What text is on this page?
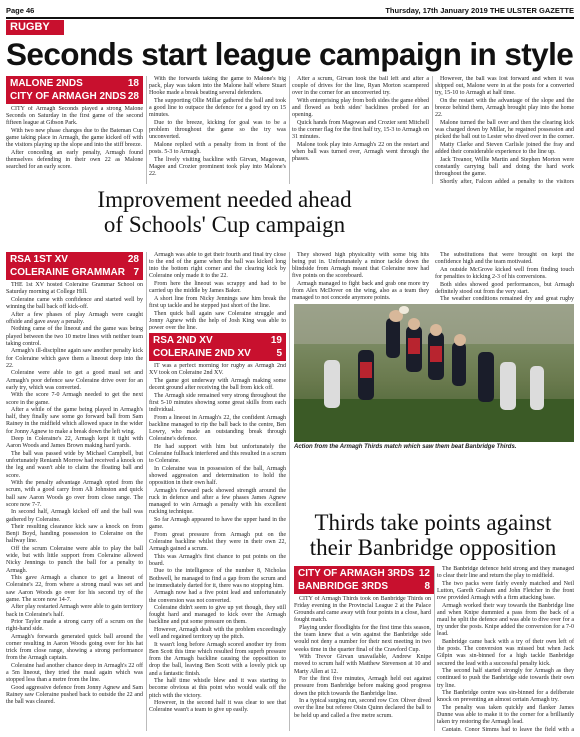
Page 46	Thursday, 17th January 2019 THE ULSTER GAZETTE
RUGBY
Seconds start league campaign in style
MALONE 2NDS	18
CITY OF ARMAGH 2NDS 28

CITY of Armagh Seconds played a strong Malone Seconds on Saturday in the first game of the second fifteen league at Gibson Park.

With two new phase changes due to the Bateman Cup game taking place in Armagh, the game kicked off with the visitors playing up the slope and into the stiff breeze.

After conceding an early penalty, Armagh found themselves defending in their own 22 as Malone searched for an early score.

With the forwards taking the game to Malone's big pack, play was taken into the Malone half where Stuart Hooke made a break beating several defenders.

The supporting Ollie Millar gathered the ball and took a good line to outpace the defence for a good try on 15 minutes.

Due to the breeze, kicking for goal was to be a problem throughout the game so the try was unconverted.

Malone replied with a penalty from in front of the posts. 5-3 to Armagh.

The lively visiting backline with Girvan, Magowan, Magee and Crozier prominent took play into Malone's 22.

After a scrum, Girvan took the ball left and after a couple of drives for the line, Ryan Morton scampered over in the corner for an unconverted try.

With enterprising play from both sides the game ebbed and flowed as both sides' backlines probed for an opening.

Quick hands from Magowan and Crozier sent Mitchell to the corner flag for the first half try, 15-3 to Armagh on 31 minutes.

Malone took play into Armagh's 22 on the restart and when ball was turned over, Armagh went through the phases.

However, the ball was lost forward and when it was shipped out, Malone were in at the posts for a converted try, 15-10 to Armagh at half time.

On the restart with the advantage of the slope and the breeze behind them, Armagh brought play into the home 22.

Malone turned the ball over and then the clearing kick was charged down by Millar, he regained possession and picked the ball out to Lester who dived over in the corner.

Matty Clarke and Steven Carlisle joined the fray and added their considerable experience to the line up.

Jack Treanor, Willie Martin and Stephen Morton were constantly carrying ball and doing the hard work throughout the game.

Shortly after, Falcon added a penalty to the visitors

Improvement needed ahead
of Schools' Cup campaign
RSA 1ST XV	28
COLERAINE GRAMMAR 7

THE 1st XV hosted Coleraine Grammar School on Saturday morning at College Hill.

Coleraine came with confidence and started well by winning the ball back off kick-off.

After a few phases of play Armagh were caught offside and gave away a penalty.

Nothing came of the lineout and the game was being played between the two 10 metre lines with neither team taking control.

Armagh's ill-discipline again saw another penalty kick for Coleraine which gave them a lineout deep into the 22.

Coleraine were able to get a good maul set and Armagh's poor defence saw Coleraine drive over for an early try, which was converted.

With the score 7-0 Armagh needed to get the next score in the game.

After a while of the game being played in Armagh's half, they finally saw some go forward ball from Sam Rainey in the midfield which allowed space in the wider for Jonny Agnew to make a break down the left wing.

Deep in Coleraine's 22, Armagh kept it tight with Aaron Woods and James Brown making hard yards.

The ball was passed wide by Michael Campbell, but unfortunately Reniamh Morrow had received a knock on the leg and wasn't able to claim the floating ball and score.

With the penalty advantage Armagh opted from the scrum, with a good carry from Ali Johnston and quick ball saw Aaron Woods go over from close range. The score now 7-7.

In second half, Armagh kicked off and the ball was gathered by Coleraine.

Their resulting clearance kick saw a knock on from Benji Boyd, handing possession to Coleraine on the halfway line.

Off the scrum Coleraine were able to play the ball wide, but with little support from Coleraine allowed Nicky Jennings to punch the ball for a penalty to Armagh.

This gave Armagh a chance to get a lineout of Coleraine's 22, from where a strong maul was set and saw Aaron Woods go over for his second try of the game. The score now 14-7.

After play restarted Armagh were able to gain territory back in Coleraine's half.

Prior Taylor made a strong carry off a scrum on the right-hand side.

Armagh's forwards generated quick ball around the corner resulting in Aaron Woods going over for his hat trick from close range, showing a strong performance from the Armagh captain.

Coleraine had another chance deep in Armagh's 22 off a 5m lineout, they tried the maul again which was stopped less than a metre from the line.

Good aggressive defence from Jonny Agnew and Sam Rainey saw Coleraine pushed back to outside the 22 and the ball was cleared.

Armagh was able to get their fourth and final try close to the end of the game when the ball was kicked long into the bottom right corner and the clearing kick by Coleraine only made it to the 22.

From here the lineout was scrappy and had to be carried up the middle by James Baker.

A short line from Nicky Jennings saw him break the first up tackle and he stepped just short of the line.

Then quick ball again saw Coleraine struggle and Jonny Agnew with the help of Josh King was able to power over the line.

RSA 2ND XV	19
COLERAINE 2ND XV	5

IT was a perfect morning for rugby as Armagh 2nd XV took on Coleraine 2nd XV.

The game got underway with Armagh making some decent ground after receiving the ball from kick off.

The Armagh side remained very strong throughout the first 5-10 minutes showing some great skills from each individual.

From a lineout in Armagh's 22, the confident Armagh backline managed to rip the ball back to the centre, Ben Lowry, who made an outstanding break through Coleraine's defence.

He had support with him but unfortunately the Coleraine fullback interfered and this resulted in a scrum to Coleraine.

In Coleraine was in possession of the ball, Armagh showed aggression and determination to hold the opposition in their own half.

Armagh's forward pack showed strength around the ruck in defence and after a few phases James Agnew managed to win Armagh a penalty with his excellent rucking technique.

So far Armagh appeared to have the upper hand in the game.

From great pressure from Armagh put on the Coleraine backline whilst they were in their own 22, Armagh gained a scrum.

This was Armagh's first chance to put points on the board.

Due to the intelligence of the number 8, Nicholas Bothwell, he managed to find a gap from the scrum and he immediately darted for it, there was no stopping him.

Armagh now had a five point lead and unfortunately the conversion was not converted.

Coleraine didn't seem to give up yet though, they still fought hard and managed to kick over the Armagh backline and put some pressure on them.

However, Armagh dealt with the problem exceedingly well and regained territory up the pitch.

It wasn't long before Armagh scored another try from Ben Scott this time which resulted from superb pressure from the Armagh backline causing the opposition to drop the ball, leaving Ben Scott with a lovely pick up and a fantastic finish.

The half time whistle blew and it was starting to become obvious at this point who would walk off the pitch with the victory.

However, in the second half it was clear to see that Coleraine wasn't a team to give up easily.

They showed high physicality with some big hits being put in. Unfortunately a minor tackle down the blindside from Armagh meant that Coleraine now had five points on the scoreboard.

Armagh managed to fight back and grab one more try from Alex McDover on the wing, also as a team they managed to not concede anymore points.

The substitutions that were brought on kept the confidence high and the team motivated.

An outside McGrove kicked well from finding touch for penalties to kicking 2-3 of his conversions.

Both sides showed good performances, but Armagh definitely stood out from the very start.

The weather conditions remained dry and great rugby

Action from the Armagh Thirds match which saw them beat Banbridge Thirds.
Thirds take points against
their Banbridge opposition
CITY OF ARMAGH 3RDS 12
BANBRIDGE 3RDS	8

CITY of Armagh Thirds took on Banbridge Thirds on Friday evening in the Provincial League 2 at the Palace Grounds and came away with four points in a close, hard fought match.

Playing under floodlights for the first time this season, the team knew that a win against the Banbridge side would not deny a number for their next meeting in two weeks time in the quarter final of the Crawford Cup.

With Trevor Girvan unavailable, Andrew Knipe moved to scrum half with Matthew Stevenson at 10 and Marty Allen at 12.

For the first five minutes, Armagh held out against pressure from Banbridge before making good progress down the pitch towards the Banbridge line.

In a typical surging run, second row Cox Oliver dived over the line but referee Oisin Quinn declared the ball to be held up and called a five metre scrum.

The Banbridge defence held strong and they managed to clear their line and return the play to midfield.

The two packs were fairly evenly matched and Neil Lutton, Gareth Graham and John Fletcher in the front row provided Armagh with a firm attacking base.

Armagh worked their way towards the Banbridge line and when Knipe dummied a pass from the back of a maul he split the defence and was able to dive over for a try under the posts. Knipe added the conversion for a 7-0 lead.

Banbridge came back with a try of their own left of the posts. The conversion was missed but when Jack Gilpin was sin-binned for a high tackle Banbridge secured the lead with a successful penalty kick.

The second half started strongly for Armagh as they continued to push the Banbridge side towards their own try line.

The Banbridge centre was sin-binned for a deliberate knock on preventing an almost certain Armagh try.

The penalty was taken quickly and flanker James Dunne was able to make it to the corner for a brilliantly taken try restoring the Armagh lead.

Captain, Conor Simms had to leave the field with a
